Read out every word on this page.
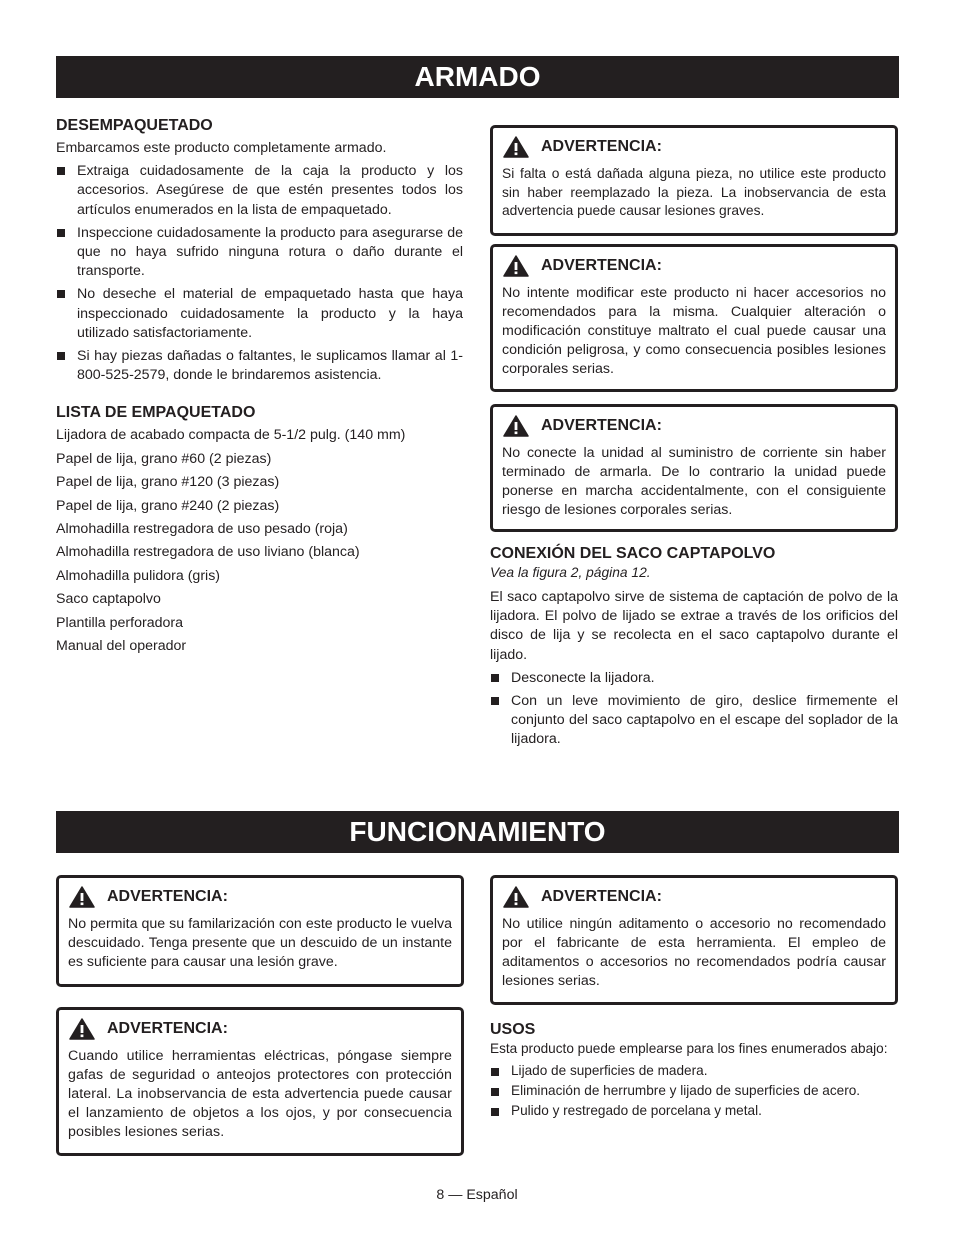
ARMADO
DESEMPAQUETADO
Embarcamos este producto completamente armado.
Extraiga cuidadosamente de la caja la producto y los accesorios. Asegúrese de que estén presentes todos los artículos enumerados en la lista de empaquetado.
Inspeccione cuidadosamente la producto para asegurarse de que no haya sufrido ninguna rotura o daño durante el transporte.
No deseche el material de empaquetado hasta que haya inspeccionado cuidadosamente la producto y la haya utilizado satisfactoriamente.
Si hay piezas dañadas o faltantes, le suplicamos llamar al 1-800-525-2579, donde le brindaremos asistencia.
LISTA DE EMPAQUETADO
Lijadora de acabado compacta de 5-1/2 pulg. (140 mm)
Papel de lija, grano #60 (2 piezas)
Papel de lija, grano #120 (3 piezas)
Papel de lija, grano #240 (2 piezas)
Almohadilla restregadora de uso pesado (roja)
Almohadilla restregadora de uso liviano (blanca)
Almohadilla pulidora (gris)
Saco captapolvo
Plantilla perforadora
Manual del operador
ADVERTENCIA:
Si falta o está dañada alguna pieza, no utilice este producto sin haber reemplazado la pieza. La inobservancia de esta advertencia puede causar lesiones graves.
ADVERTENCIA:
No intente modificar este producto ni hacer accesorios no recomendados para la misma. Cualquier alteración o modificación constituye maltrato el cual puede causar una condición peligrosa, y como consecuencia posibles lesiones corporales serias.
ADVERTENCIA:
No conecte la unidad al suministro de corriente sin haber terminado de armarla. De lo contrario la unidad puede ponerse en marcha accidentalmente, con el consiguiente riesgo de lesiones corporales serias.
CONEXIÓN DEL SACO CAPTAPOLVO
Vea la figura 2, página 12.
El saco captapolvo sirve de sistema de captación de polvo de la lijadora. El polvo de lijado se extrae a través de los orificios del disco de lija y se recolecta en el saco captapolvo durante el lijado.
Desconecte la lijadora.
Con un leve movimiento de giro, deslice firmemente el conjunto del saco captapolvo en el escape del soplador de la lijadora.
FUNCIONAMIENTO
ADVERTENCIA:
No permita que su familarización con este producto le vuelva descuidado. Tenga presente que un descuido de un instante es suficiente para causar una lesión grave.
ADVERTENCIA:
Cuando utilice herramientas eléctricas, póngase siempre gafas de seguridad o anteojos protectores con protección lateral. La inobservancia de esta advertencia puede causar el lanzamiento de objetos a los ojos, y por consecuencia posibles lesiones serias.
ADVERTENCIA:
No utilice ningún aditamento o accesorio no recomendado por el fabricante de esta herramienta. El empleo de aditamentos o accesorios no recomendados podría causar lesiones serias.
USOS
Esta producto puede emplearse para los fines enumerados abajo:
Lijado de superficies de madera.
Eliminación de herrumbre y lijado de superficies de acero.
Pulido y restregado de porcelana y metal.
8 — Español
